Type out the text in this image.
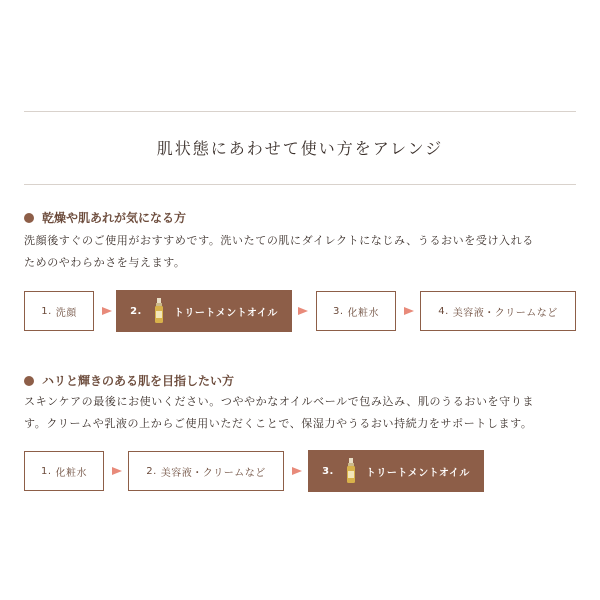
肌状態にあわせて使い方をアレンジ
乾燥や肌あれが気になる方
洗顔後すぐのご使用がおすすめです。洗いたての肌にダイレクトになじみ、うるおいを受け入れる
ためのやわらかさを与えます。
1. 洗顔	2.	トリートメントオイル	3. 化粧水	4. 美容液・クリームなど
ハリと輝きのある肌を目指したい方
スキンケアの最後にお使いください。つややかなオイルベールで包み込み、肌のうるおいを守りま
す。クリームや乳液の上からご使用いただくことで、保湿力やうるおい持続力をサポートします。
1. 化粧水	2. 美容液・クリームなど	3.	トリートメントオイル
